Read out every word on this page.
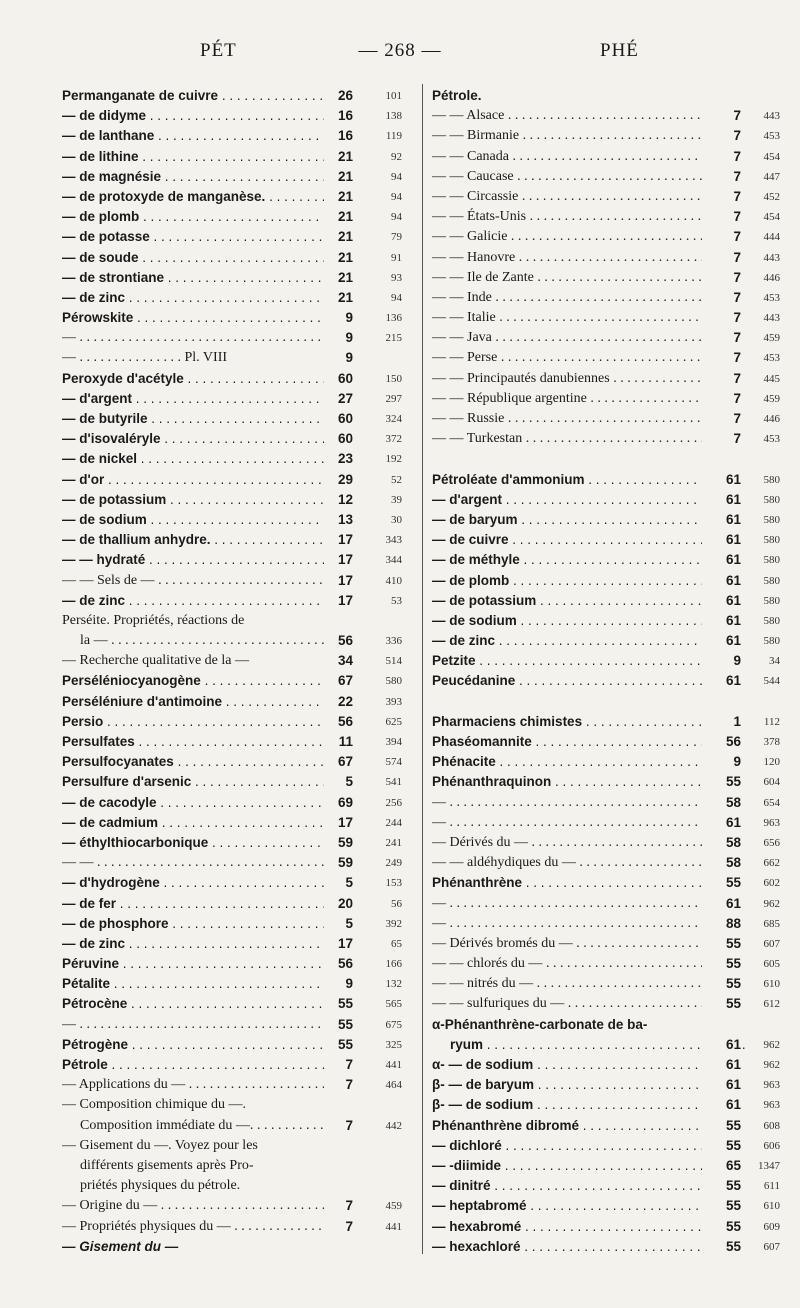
PÉT	— 268 —	PHÉ
Permanganate de cuivre . . .	26	101
— de didyme . . .	16	138
— de lanthane . . .	16	119
— de lithine . . .	21	92
— de magnésie . . .	21	94
— de protoxyde de manganèse. . . .	21	94
— de plomb . . .	21	94
— de potasse . . .	21	79
— de soude . . .	21	91
— de strontiane . . .	21	93
— de zinc . . .	21	94
Pérowskite . . .	9	136
— . . .	9	215
— . . . . . . . . . . . . . . . Pl. VIII	9
Peroxyde d'acétyle . . .	60	150
— d'argent . . .	27	297
— de butyrile . . .	60	324
— d'isovaléryle . . .	60	372
— de nickel . . .	23	192
— d'or . . .	29	52
— de potassium . . .	12	39
— de sodium . . .	13	30
— de thallium anhydre. . . .	17	343
— — hydraté . . .	17	344
— — Sels de — . . .	17	410
— de zinc . . .	17	53
Perséite. Propriétés, réactions de
la — . . .	56	336
— Recherche qualitative de la —	34	514
Perséléniocyanogène . . .	67	580
Perséléniure d'antimoine . . .	22	393
Persio . . .	56	625
Persulfates . . .	11	394
Persulfocyanates . . .	67	574
Persulfure d'arsenic . . .	5	541
— de cacodyle . . .	69	256
— de cadmium . . .	17	244
— éthylthiocarbonique . . .	59	241
— — . . .	59	249
— d'hydrogène . . .	5	153
— de fer . . .	20	56
— de phosphore . . .	5	392
— de zinc . . .	17	65
Péruvine . . .	56	166
Pétalite . . .	9	132
Pétrocène . . .	55	565
— . . .	55	675
Pétrogène . . .	55	325
Pétrole . . .	7	441
— Applications du — . . .	7	464
— Composition chimique du —.
Composition immédiate du —. . . .	7	442
— Gisement du —. Voyez pour les
différents gisements après Pro-
priétés physiques du pétrole.
— Origine du — . . .	7	459
— Propriétés physiques du — . . .	7	441
— Gisement du —
Pétrole.
— — Alsace . . .	7	443
— — Birmanie . . .	7	453
— — Canada . . .	7	454
— — Caucase . . .	7	447
— — Circassie . . .	7	452
— — États-Unis . . .	7	454
— — Galicie . . .	7	444
— — Hanovre . . .	7	443
— — Ile de Zante . . .	7	446
— — Inde . . .	7	453
— — Italie . . .	7	443
— — Java . . .	7	459
— — Perse . . .	7	453
— — Principautés danubiennes . . .	7	445
— — République argentine . . .	7	459
— — Russie . . .	7	446
— — Turkestan . . .	7	453
Pétroléate d'ammonium . . .	61	580
— d'argent . . .	61	580
— de baryum . . .	61	580
— de cuivre . . .	61	580
— de méthyle . . .	61	580
— de plomb . . .	61	580
— de potassium . . .	61	580
— de sodium . . .	61	580
— de zinc . . .	61	580
Petzite . . .	9	34
Peucédanine . . .	61	544
Pharmaciens chimistes . . .	1	112
Phaséomannite . . .	56	378
Phénacite . . .	9	120
Phénanthraquinon . . .	55	604
— . . .	58	654
— . . .	61	963
— Dérivés du — . . .	58	656
— — aldéhydiques du — . . .	58	662
Phénanthrène . . .	55	602
— . . .	61	962
— . . .	88	685
— Dérivés bromés du — . . .	55	607
— — chlorés du — . . .	55	605
— — nitrés du — . . .	55	610
— — sulfuriques du — . . .	55	612
α-Phénanthrène-carbonate de ba-
ryum . . .	61	962
α- — de sodium . . .	61	962
β- — de baryum . . .	61	963
β- — de sodium . . .	61	963
Phénanthrène dibromé . . .	55	608
— dichloré . . .	55	606
— -diimide . . .	65	1347
— dinitré . . .	55	611
— heptabromé . . .	55	610
— hexabromé . . .	55	609
— hexachloré . . .	55	607
